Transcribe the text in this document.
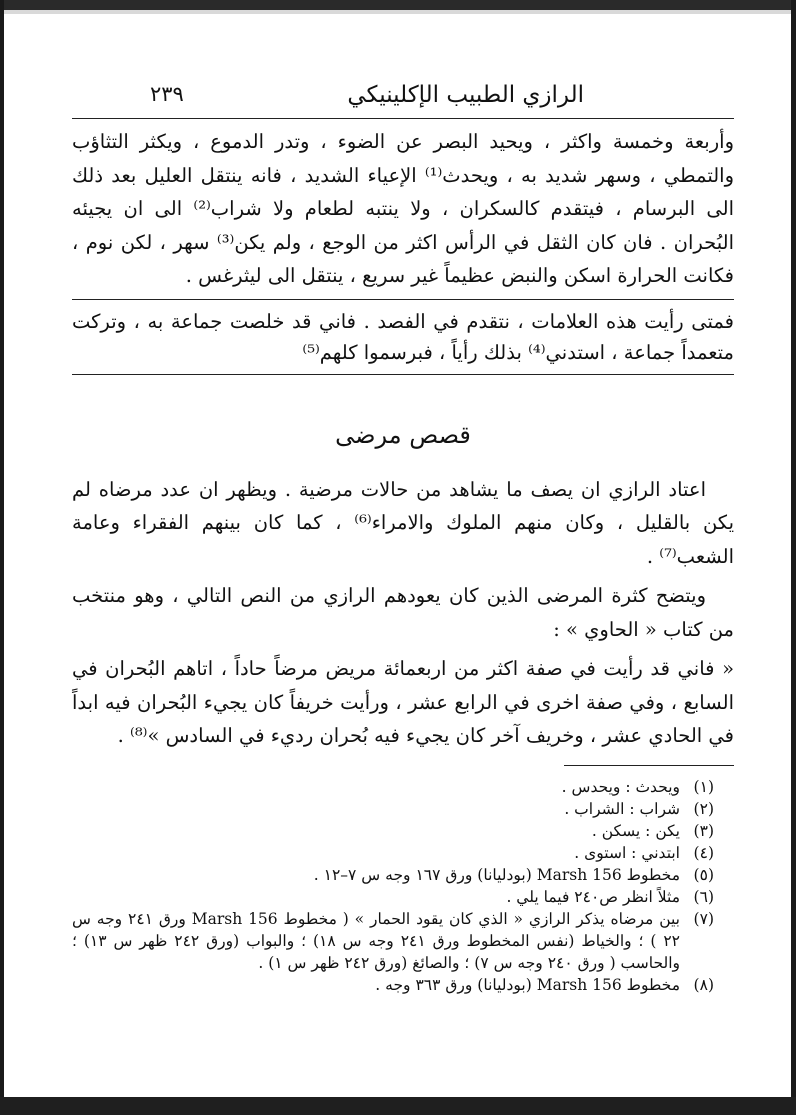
الرازي الطبيب الإكلينيكي
٢٣٩

وأربعة وخمسة واكثر ، ويحيد البصر عن الضوء ، وتدر الدموع ، ويكثر التثاؤب والتمطي ، وسهر شديد به ، ويحدث⁽¹⁾ الإعياء الشديد ، فانه ينتقل العليل بعد ذلك الى البرسام ، فيتقدم كالسكران ، ولا ينتبه لطعام ولا شراب⁽²⁾ الى ان يجيئه البُحران . فان كان الثقل في الرأس اكثر من الوجع ، ولم يكن⁽³⁾ سهر ، لكن نوم ، فكانت الحرارة اسكن والنبض عظيماً غير سريع ، ينتقل الى ليثرغس .

فمتى رأيت هذه العلامات ، نتقدم في الفصد . فاني قد خلصت جماعة به ، وتركت متعمداً جماعة ، استدني⁽⁴⁾ بذلك رأياً ، فبرسموا كلهم⁽⁵⁾

قصص مرضى

اعتاد الرازي ان يصف ما يشاهد من حالات مرضية . ويظهر ان عدد مرضاه لم يكن بالقليل ، وكان منهم الملوك والامراء⁽⁶⁾ ، كما كان بينهم الفقراء وعامة الشعب⁽⁷⁾ .

ويتضح كثرة المرضى الذين كان يعودهم الرازي من النص التالي ، وهو منتخب من كتاب « الحاوي » :

« فاني قد رأيت في صفة اكثر من اربعمائة مريض مرضاً حاداً ، اتاهم البُحران في السابع ، وفي صفة اخرى في الرابع عشر ، ورأيت خريفاً كان يجيء البُحران فيه ابداً في الحادي عشر ، وخريف آخر كان يجيء فيه بُحران رديء في السادس »⁽⁸⁾ .

(١)
ويحدث : ويحدس .
(٢)
شراب : الشراب .
(٣)
يكن : يسكن .
(٤)
ابتدني : استوى .
(٥)
مخطوط Marsh 156 (بودليانا) ورق ١٦٧ وجه س ٧–١٢ .
(٦)
مثلاً انظر ص٢٤٠ فيما يلي .
(٧)
بين مرضاه يذكر الرازي « الذي كان يقود الحمار » ( مخطوط Marsh 156 ورق ٢٤١ وجه س ٢٢ ) ؛ والخياط (نفس المخطوط ورق ٢٤١ وجه س ١٨) ؛ والبواب (ورق ٢٤٢ ظهر س ١٣) ؛ والحاسب ( ورق ٢٤٠ وجه س ٧) ؛ والصائغ (ورق ٢٤٢ ظهر س ١) .
(٨)
مخطوط Marsh 156 (بودليانا) ورق ٣٦٣ وجه .
